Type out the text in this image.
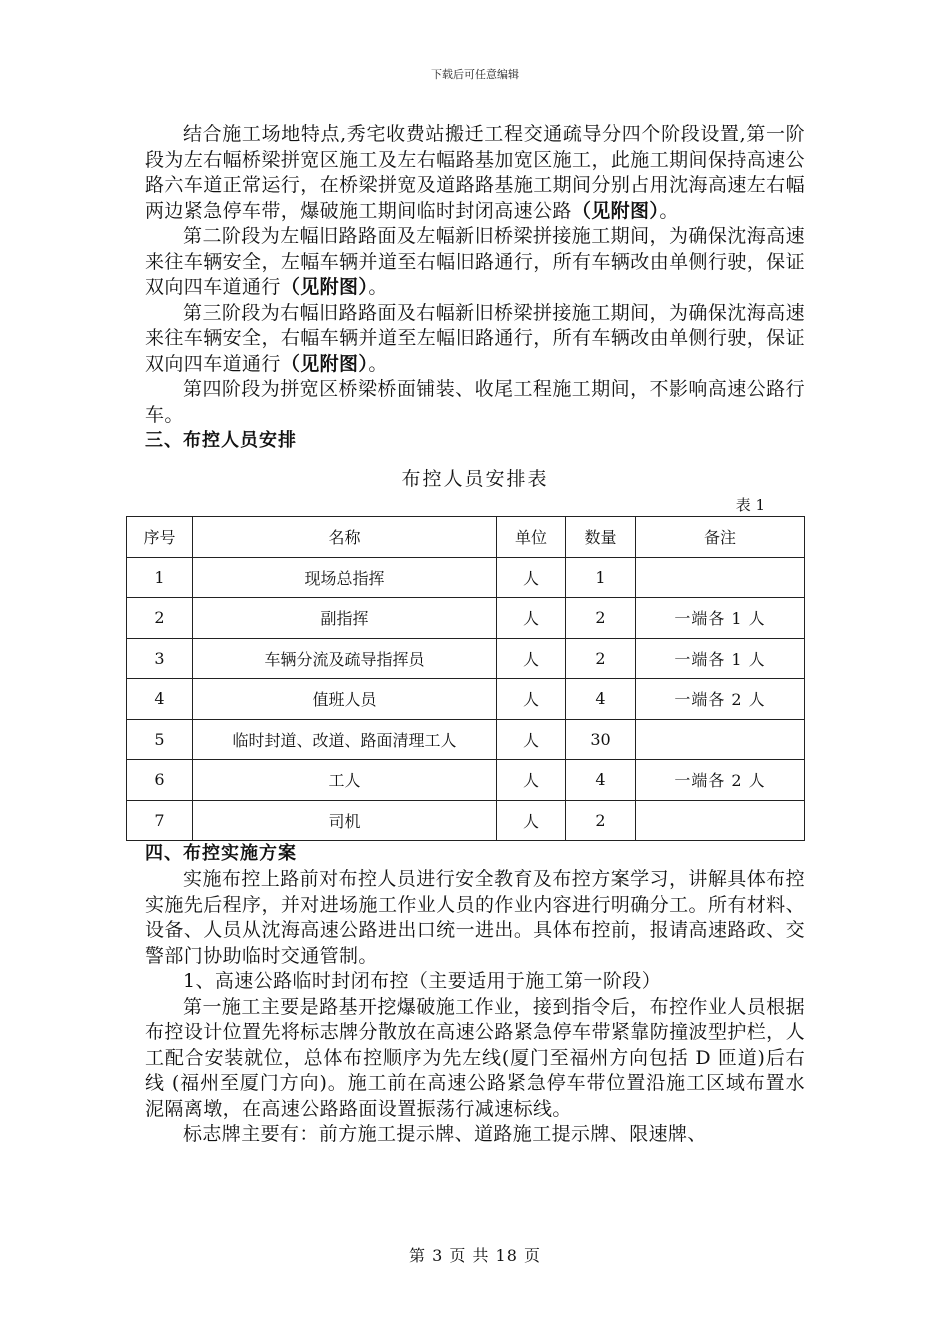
下载后可任意编辑

结合施工场地特点,秀宅收费站搬迁工程交通疏导分四个阶段设置,第一阶段为左右幅桥梁拼宽区施工及左右幅路基加宽区施工，此施工期间保持高速公路六车道正常运行，在桥梁拼宽及道路路基施工期间分别占用沈海高速左右幅两边紧急停车带，爆破施工期间临时封闭高速公路（见附图）。

第二阶段为左幅旧路路面及左幅新旧桥梁拼接施工期间，为确保沈海高速来往车辆安全，左幅车辆并道至右幅旧路通行，所有车辆改由单侧行驶，保证双向四车道通行（见附图）。

第三阶段为右幅旧路路面及右幅新旧桥梁拼接施工期间，为确保沈海高速来往车辆安全，右幅车辆并道至左幅旧路通行，所有车辆改由单侧行驶，保证双向四车道通行（见附图）。

第四阶段为拼宽区桥梁桥面铺装、收尾工程施工期间，不影响高速公路行车。

三、布控人员安排
布控人员安排表
表 1
序号	名称	单位	数量	备注
1	现场总指挥	人	1	
2	副指挥	人	2	一端各 1 人
3	车辆分流及疏导指挥员	人	2	一端各 1 人
4	值班人员	人	4	一端各 2 人
5	临时封道、改道、路面清理工人	人	30	
6	工人	人	4	一端各 2 人
7	司机	人	2	
四、布控实施方案

实施布控上路前对布控人员进行安全教育及布控方案学习，讲解具体布控实施先后程序，并对进场施工作业人员的作业内容进行明确分工。所有材料、设备、人员从沈海高速公路进出口统一进出。具体布控前，报请高速路政、交警部门协助临时交通管制。

1、高速公路临时封闭布控（主要适用于施工第一阶段）

第一施工主要是路基开挖爆破施工作业，接到指令后，布控作业人员根据布控设计位置先将标志牌分散放在高速公路紧急停车带紧靠防撞波型护栏，人工配合安装就位，总体布控顺序为先左线(厦门至福州方向包括 D 匝道)后右线 (福州至厦门方向)。施工前在高速公路紧急停车带位置沿施工区域布置水泥隔离墩，在高速公路路面设置振荡行减速标线。

标志牌主要有：前方施工提示牌、道路施工提示牌、限速牌、

第 3 页 共 18 页
